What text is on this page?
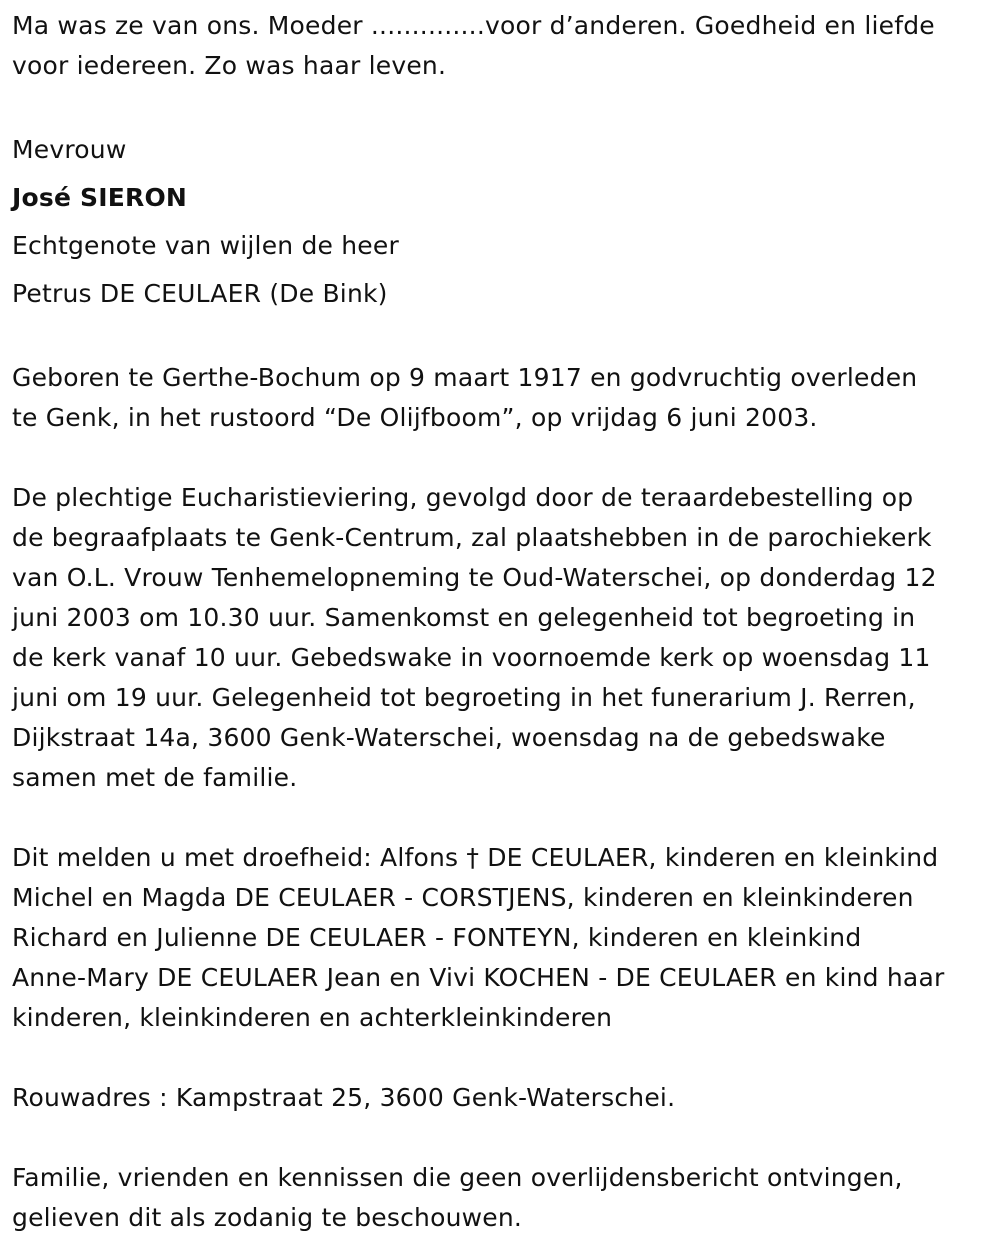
Ma was ze van ons. Moeder ..............voor d’anderen. Goedheid en liefde
voor iedereen. Zo was haar leven.

Mevrouw
José SIERON
Echtgenote van wijlen de heer
Petrus DE CEULAER (De Bink)

Geboren te Gerthe-Bochum op 9 maart 1917 en godvruchtig overleden
te Genk, in het rustoord “De Olijfboom”, op vrijdag 6 juni 2003.

De plechtige Eucharistieviering, gevolgd door de teraardebestelling op
de begraafplaats te Genk-Centrum, zal plaatshebben in de parochiekerk
van O.L. Vrouw Tenhemelopneming te Oud-Waterschei, op donderdag 12
juni 2003 om 10.30 uur. Samenkomst en gelegenheid tot begroeting in
de kerk vanaf 10 uur. Gebedswake in voornoemde kerk op woensdag 11
juni om 19 uur. Gelegenheid tot begroeting in het funerarium J. Rerren,
Dijkstraat 14a, 3600 Genk-Waterschei, woensdag na de gebedswake
samen met de familie.

Dit melden u met droefheid: Alfons † DE CEULAER, kinderen en kleinkind
Michel en Magda DE CEULAER - CORSTJENS, kinderen en kleinkinderen
Richard en Julienne DE CEULAER - FONTEYN, kinderen en kleinkind
Anne-Mary DE CEULAER Jean en Vivi KOCHEN - DE CEULAER en kind haar
kinderen, kleinkinderen en achterkleinkinderen

Rouwadres : Kampstraat 25, 3600 Genk-Waterschei.

Familie, vrienden en kennissen die geen overlijdensbericht ontvingen,
gelieven dit als zodanig te beschouwen.
